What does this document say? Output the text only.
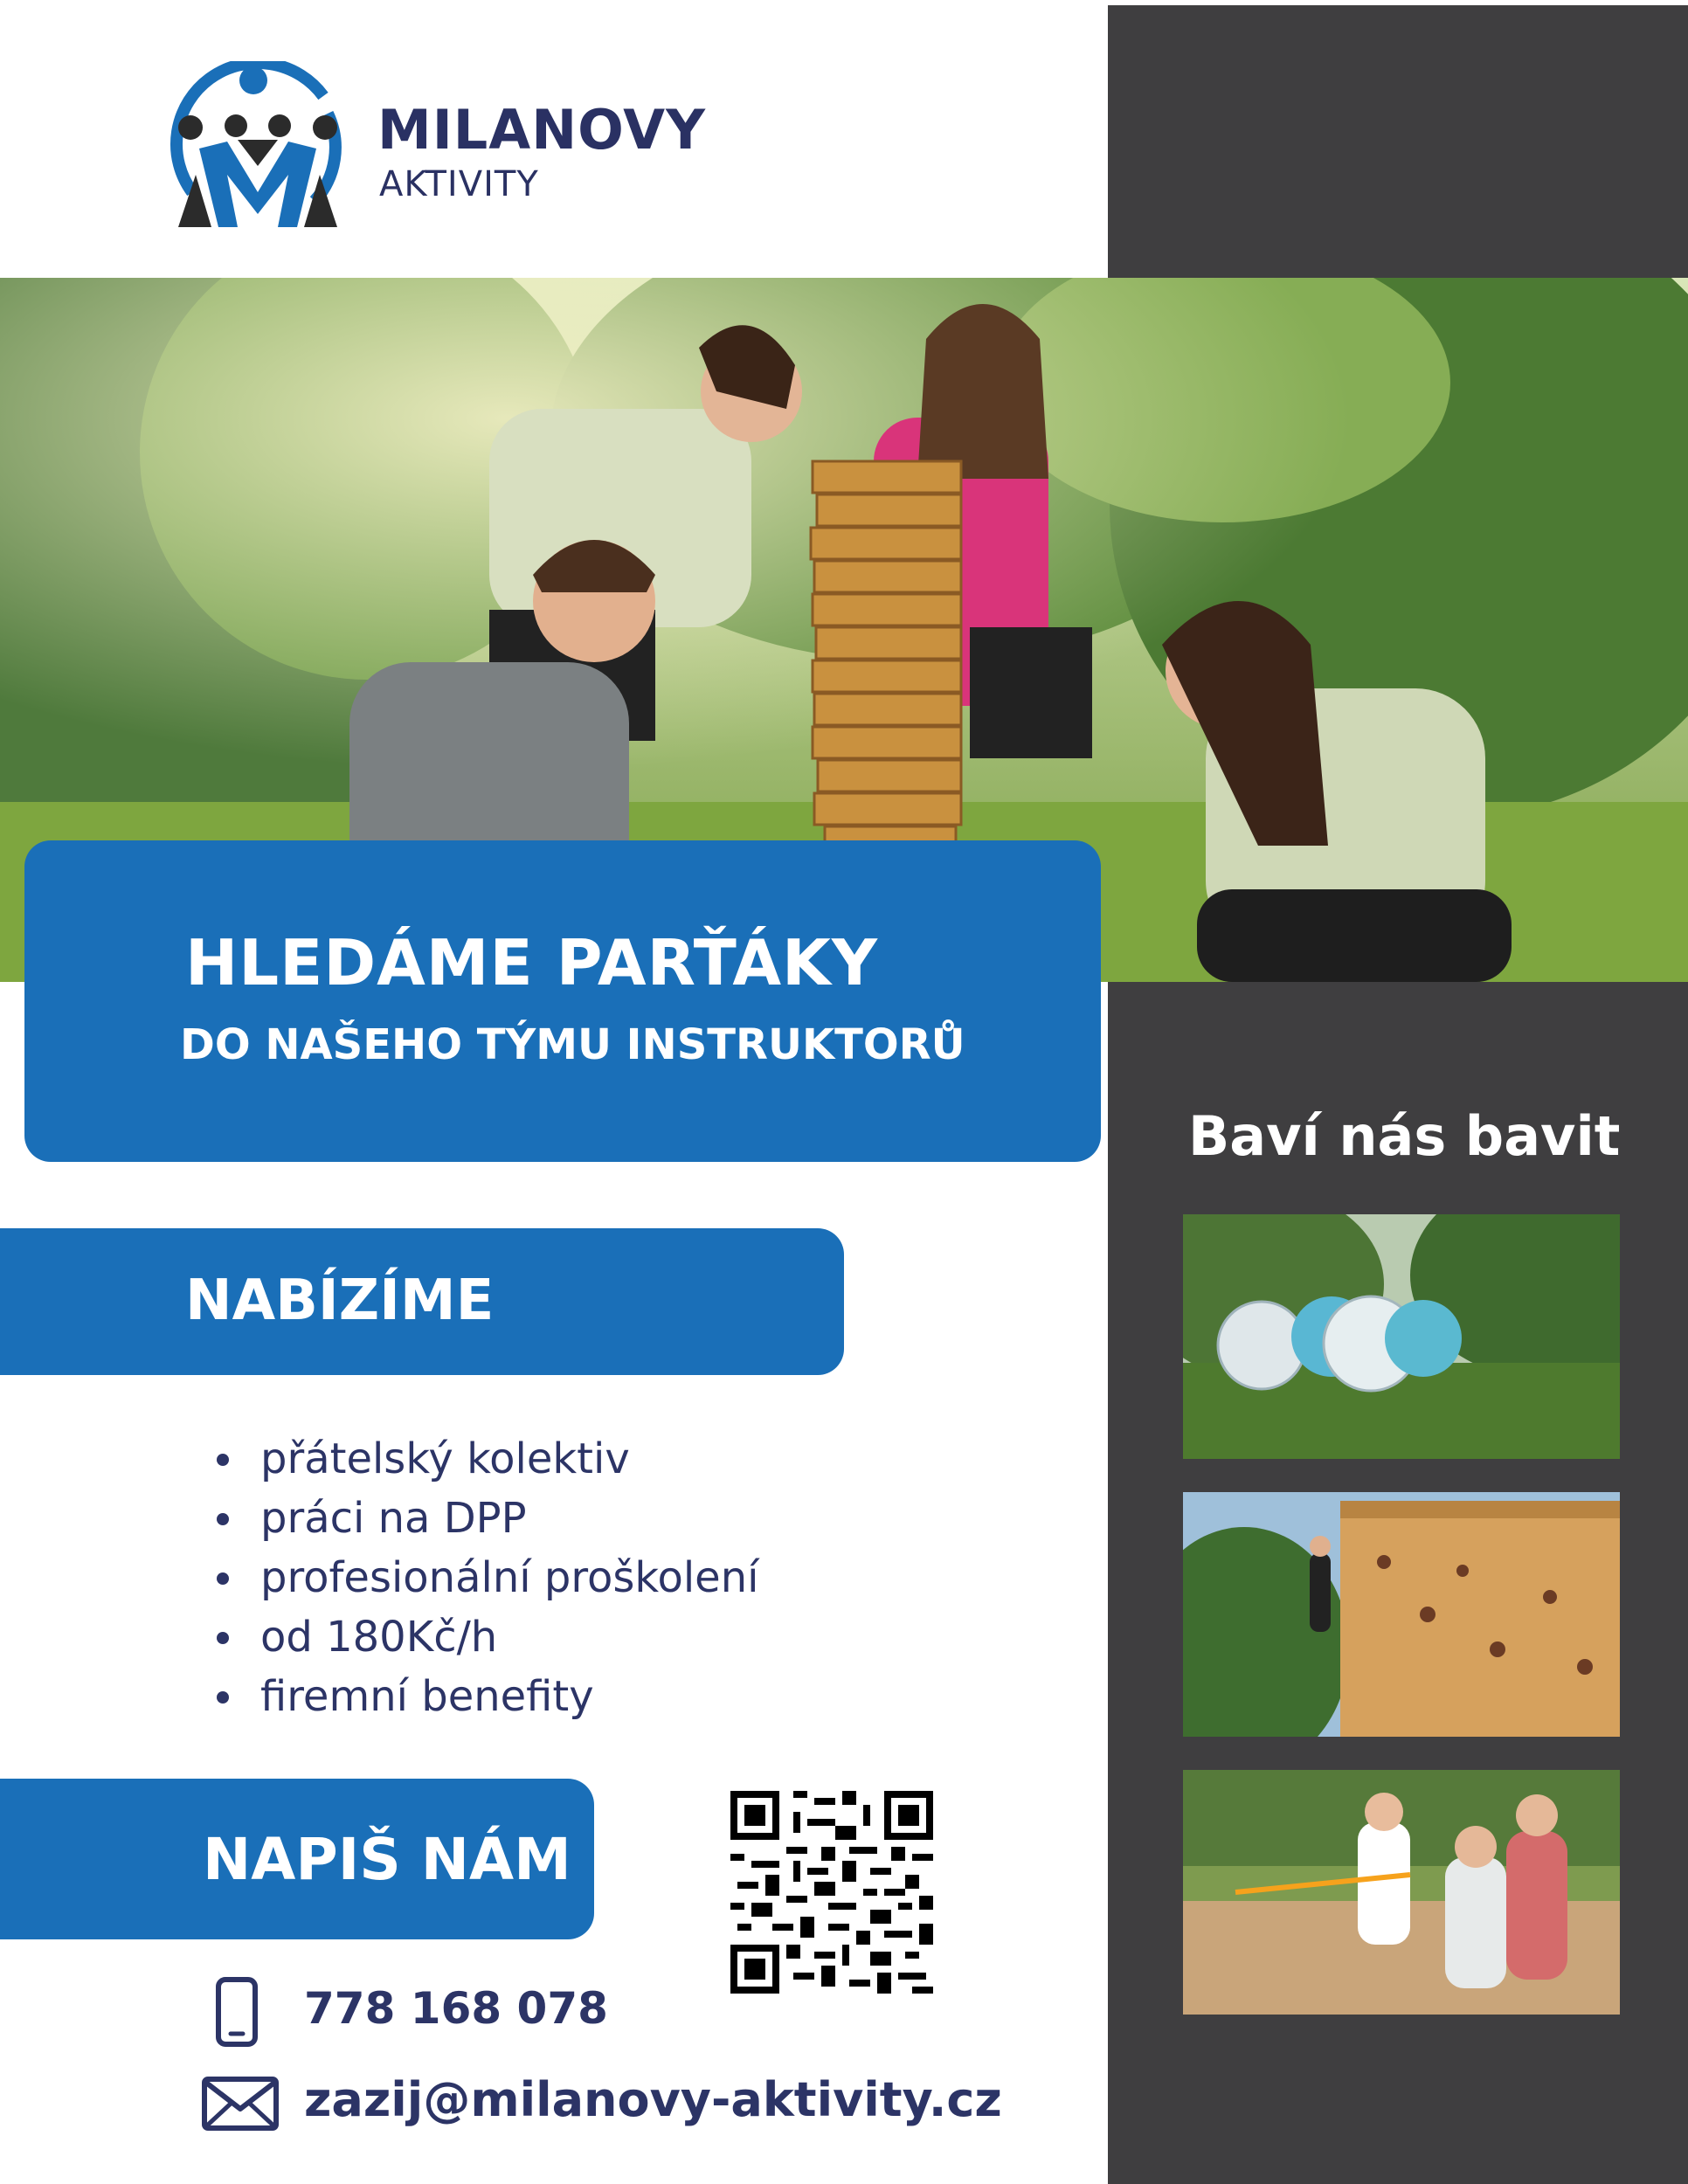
MILANOVY
AKTIVITY
HLEDÁME PARŤÁKY
DO NAŠEHO TÝMU INSTRUKTORŮ
Baví nás bavit
NABÍZÍME
přátelský kolektiv
práci na DPP
profesionální proškolení
od 180Kč/h
firemní benefity
NAPIŠ NÁM
778 168 078
zazij@milanovy-aktivity.cz
